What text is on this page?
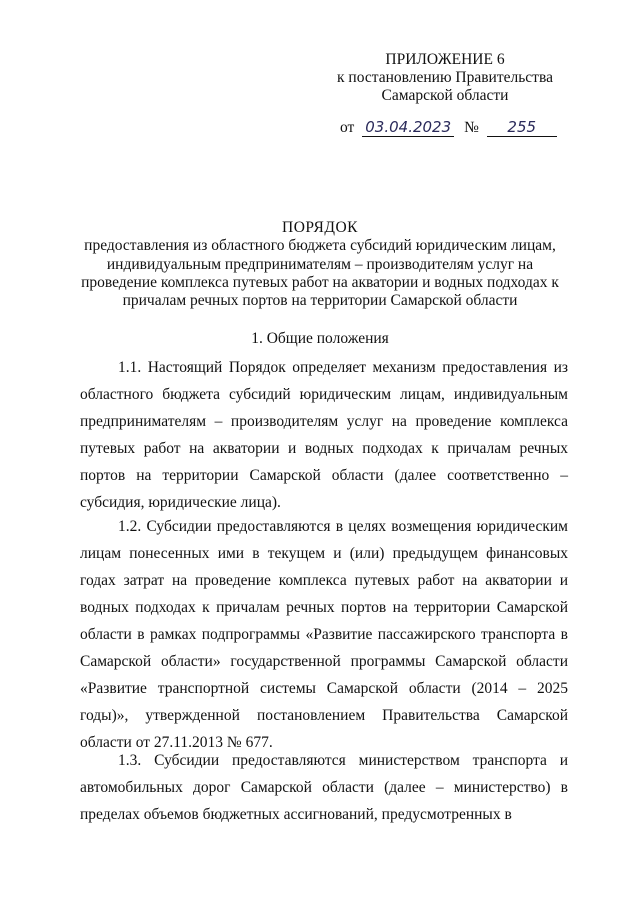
ПРИЛОЖЕНИЕ 6
к постановлению Правительства
Самарской области
от 03.04.2023 № 255
ПОРЯДОК
предоставления из областного бюджета субсидий юридическим лицам,
индивидуальным предпринимателям – производителям услуг на
проведение комплекса путевых работ на акватории и водных подходах к
причалам речных портов на территории Самарской области
1. Общие положения

1.1. Настоящий Порядок определяет механизм предоставления из областного бюджета субсидий юридическим лицам, индивидуальным предпринимателям – производителям услуг на проведение комплекса путевых работ на акватории и водных подходах к причалам речных портов на территории Самарской области (далее соответственно – субсидия, юридические лица).

1.2. Субсидии предоставляются в целях возмещения юридическим лицам понесенных ими в текущем и (или) предыдущем финансовых годах затрат на проведение комплекса путевых работ на акватории и водных подходах к причалам речных портов на территории Самарской области в рамках подпрограммы «Развитие пассажирского транспорта в Самарской области» государственной программы Самарской области «Развитие транспортной системы Самарской области (2014 – 2025 годы)», утвержденной постановлением Правительства Самарской области от 27.11.2013 № 677.

1.3. Субсидии предоставляются министерством транспорта и автомобильных дорог Самарской области (далее – министерство) в пределах объемов бюджетных ассигнований, предусмотренных в
